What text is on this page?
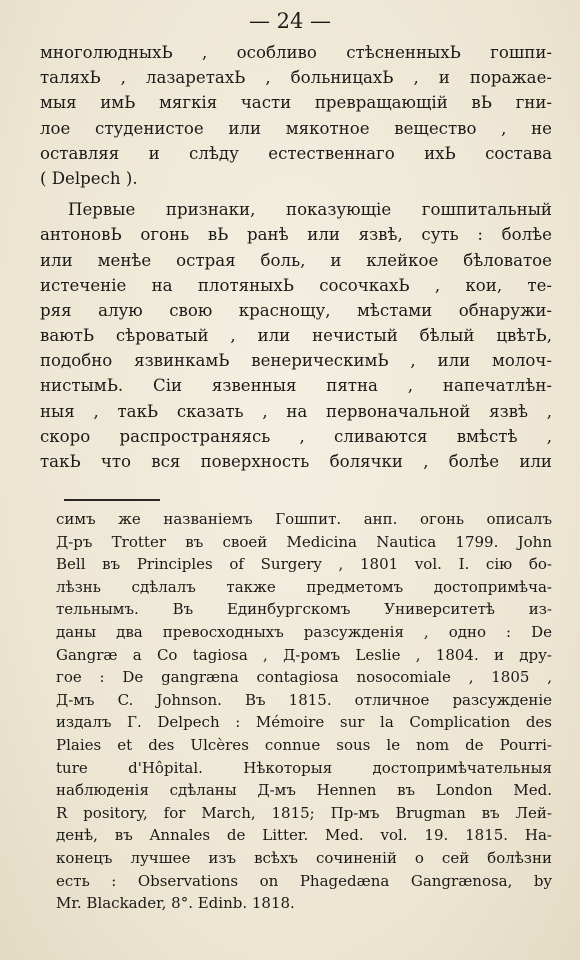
— 24 —
многолюдныхЬ , особливо стѣсненныхЬ гошпи-
таляхЬ , лазаретахЬ , больницахЬ , и поражае-
мыя имЬ мягкія части превращающій вЬ гни-
лое студенистое или мякотное вещество , не
оставляя и слѣду естественнаго ихЬ состава
( Delpech ).
Первые признаки, показующіе гошпитальный
антоновЬ огонь вЬ ранѣ или язвѣ, суть : болѣе
или менѣе острая боль, и клейкое бѣловатое
истеченіе на плотяныхЬ сосочкахЬ , кои, те-
ряя алую свою краснощу, мѣстами обнаружи-
ваютЬ сѣроватый , или нечистый бѣлый цвѣтЬ,
подобно язвинкамЬ венерическимЬ , или молоч-
нистымЬ. Сіи язвенныя пятна , напечатлѣн-
ныя , такЬ сказать , на первоначальной язвѣ ,
скоро распространяясь , сливаются вмѣстѣ ,
такЬ что вся поверхность болячки , болѣе или
симъ же названіемъ Гошпит. анп. огонь описалъ
Д-ръ Trotter въ своей Medicina Nautica 1799. John
Bell въ Principles of Surgery , 1801 vol. I. сію бо-
лѣзнь сдѣлалъ также предметомъ достопримѣча-
тельнымъ. Въ Единбургскомъ Университетѣ из-
даны два превосходныхъ разсужденія , одно : De
Gangræ a Co tagiosa , Д-ромъ Leslie , 1804. и дру-
гое : De gangræna contagiosa nosocomiale , 1805 ,
Д-мъ C. Johnson. Въ 1815. отличное разсужденіе
издалъ Г. Delpech : Mémoire sur la Complication des
Plaies et des Ulcères connue sous le nom de Pourri-
ture d'Hôpital. Нѣкоторыя достопримѣчательныя
наблюденія сдѣланы Д-мъ Hennen въ London Med.
R pository, for March, 1815; Пр-мъ Brugman въ Лей-
денѣ, въ Annales de Litter. Med. vol. 19. 1815. На-
конецъ лучшее изъ всѣхъ сочиненій о сей болѣзни
есть : Observations on Phagedæna Gangrænosa, by
Mr. Blackader, 8°. Edinb. 1818.
